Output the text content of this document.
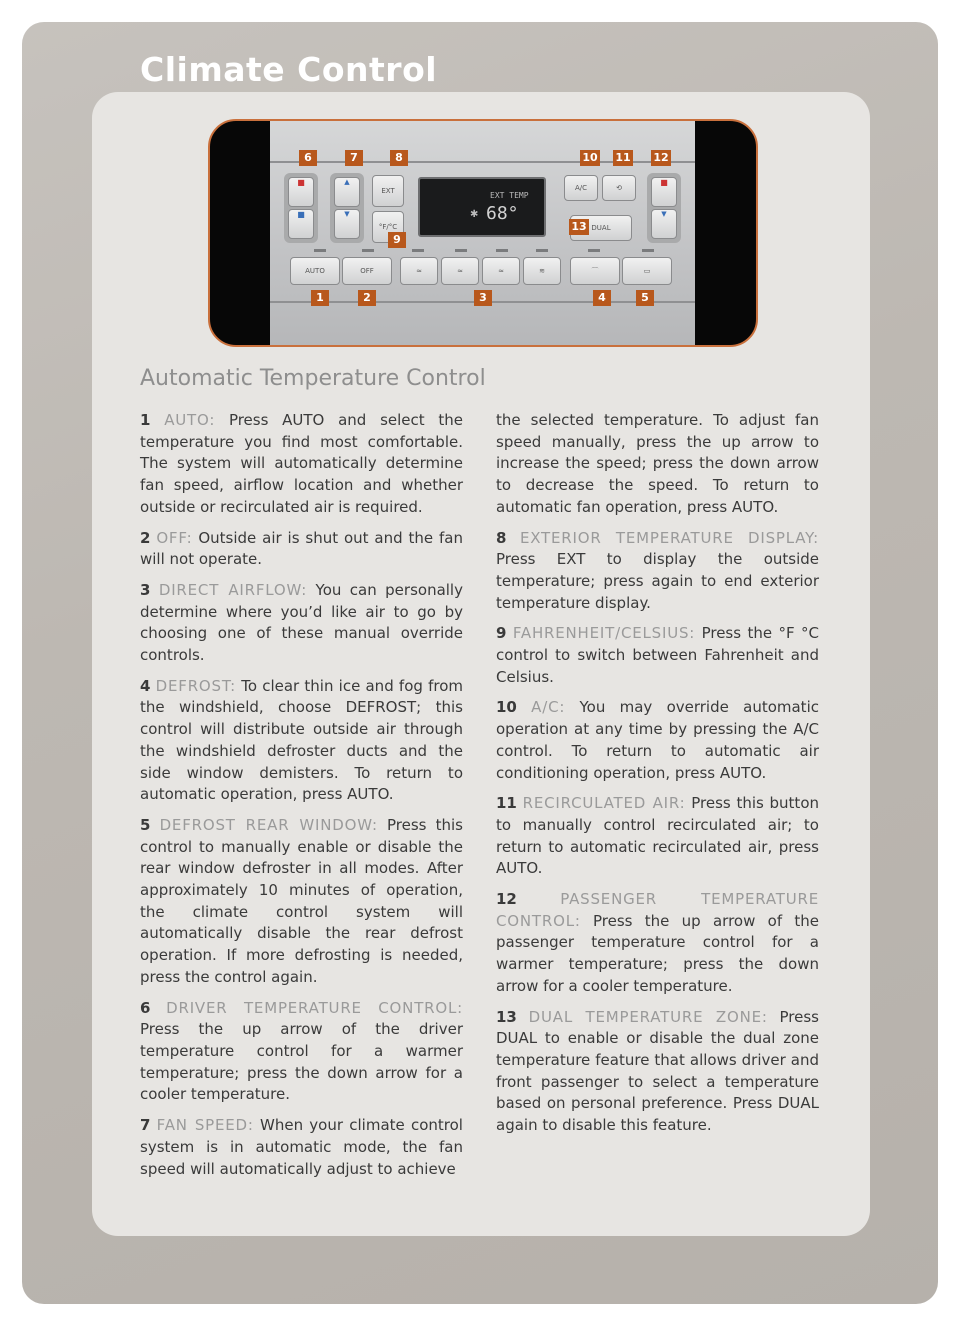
Climate Control
■
■
▲
▼
EXT
°F/°C
✱
EXT TEMP
68°
A/C	⟲
DUAL
■
▼
AUTO	OFF	≈	≈	≈	≋	⌒	▭
6	7	8	10 11 12
13
9
1	2	3	4	5
Automatic Temperature Control

1 AUTO: Press AUTO and select the temperature you find most comfortable. The system will automatically determine fan speed, airflow location and whether outside or recirculated air is required.

2 OFF: Outside air is shut out and the fan will not operate.

3 DIRECT AIRFLOW: You can personally determine where you’d like air to go by choosing one of these manual override controls.

4 DEFROST: To clear thin ice and fog from the windshield, choose DEFROST; this control will distribute outside air through the windshield defroster ducts and the side window demisters. To return to automatic operation, press AUTO.

5 DEFROST REAR WINDOW: Press this control to manually enable or disable the rear window defroster in all modes. After approximately 10 minutes of operation, the climate control system will automatically disable the rear defrost operation. If more defrosting is needed, press the control again.

6 DRIVER TEMPERATURE CONTROL: Press the up arrow of the driver temperature control for a warmer temperature; press the down arrow for a cooler temperature.

7 FAN SPEED: When your climate control system is in automatic mode, the fan speed will automatically adjust to achieve

the selected temperature. To adjust fan speed manually, press the up arrow to increase the speed; press the down arrow to decrease the speed. To return to automatic fan operation, press AUTO.

8 EXTERIOR TEMPERATURE DISPLAY: Press EXT to display the outside temperature; press again to end exterior temperature display.

9 FAHRENHEIT/CELSIUS: Press the °F °C control to switch between Fahrenheit and Celsius.

10 A/C: You may override automatic operation at any time by pressing the A/C control. To return to automatic air conditioning operation, press AUTO.

11 RECIRCULATED AIR: Press this button to manually control recirculated air; to return to automatic recirculated air, press AUTO.

12	PASSENGER TEMPERATURE CONTROL: Press the up arrow of the passenger temperature control for a warmer temperature; press the down arrow for a cooler temperature.

13 DUAL TEMPERATURE ZONE: Press DUAL to enable or disable the dual zone temperature feature that allows driver and front passenger to select a temperature based on personal preference. Press DUAL again to disable this feature.
